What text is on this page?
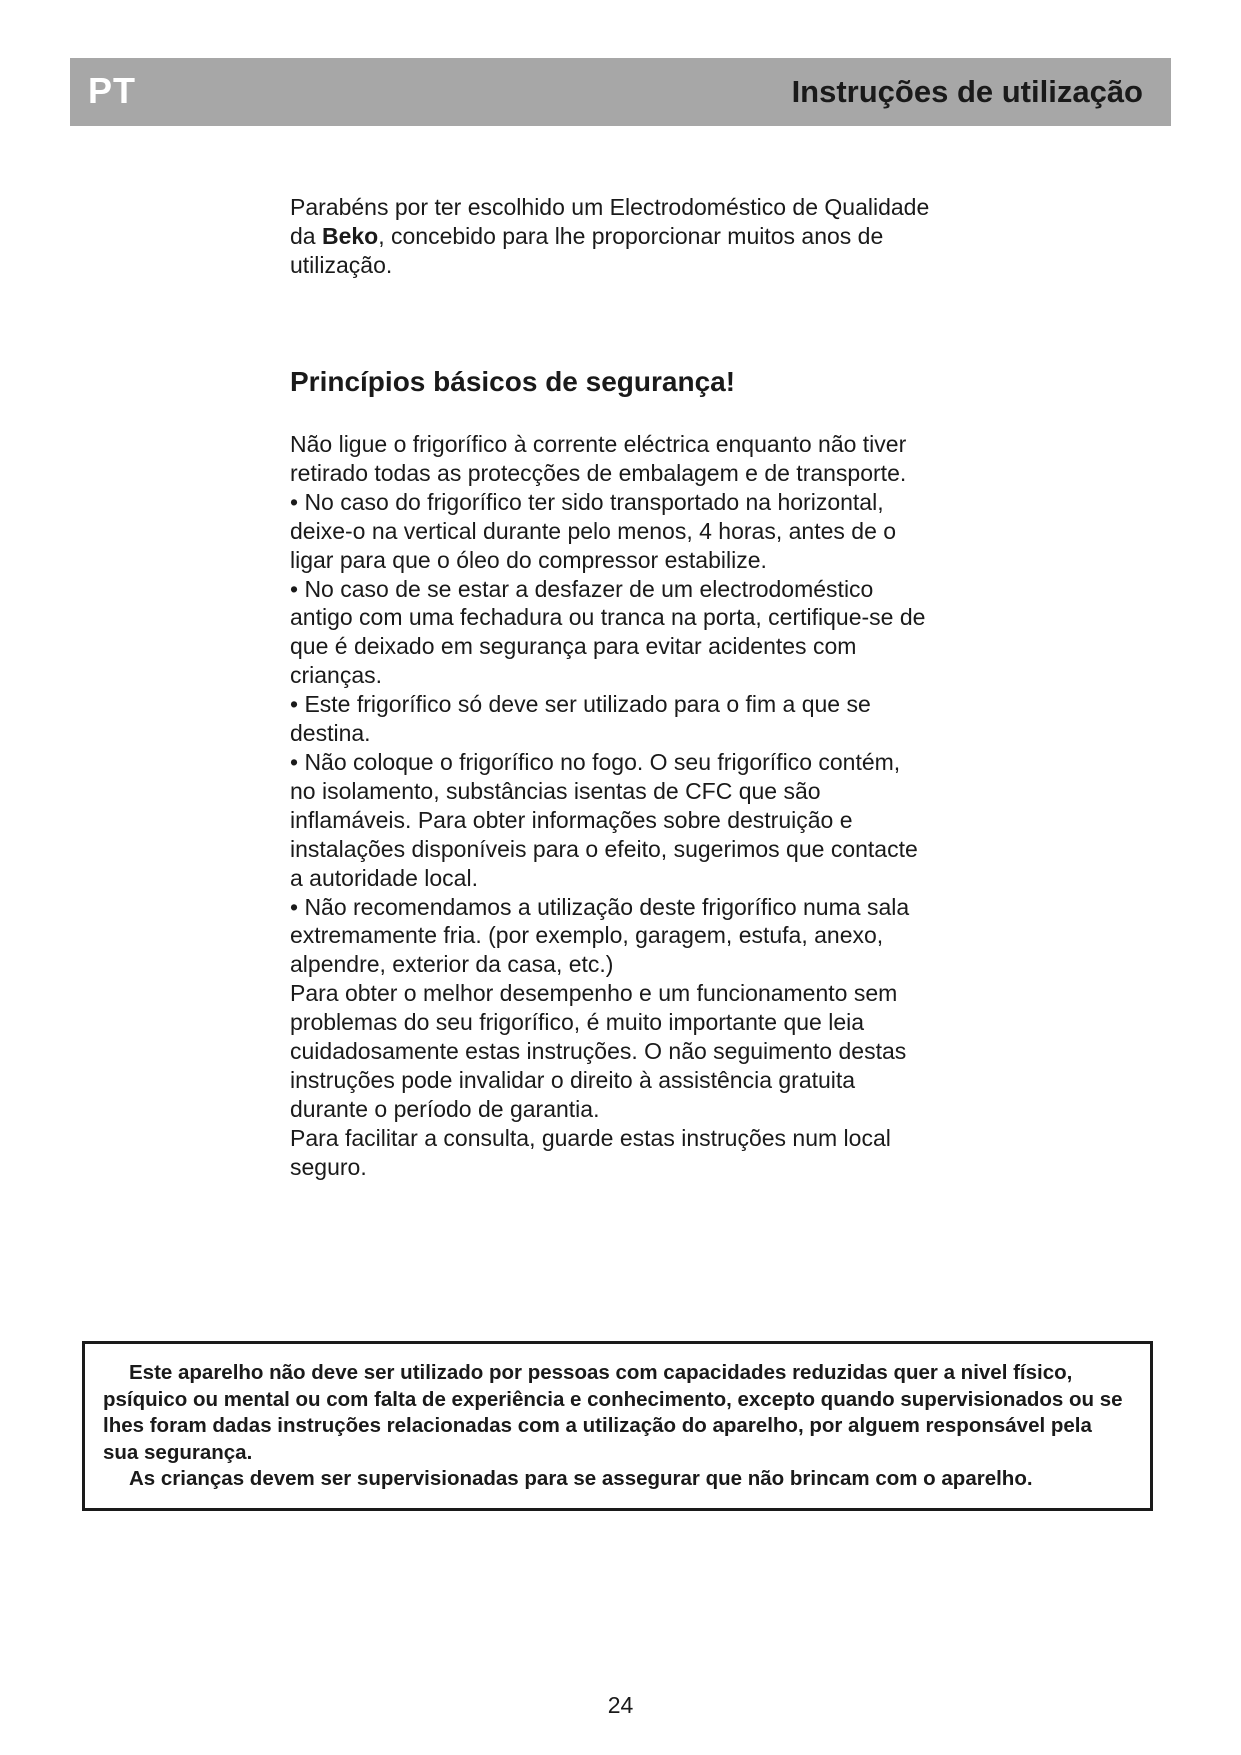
PT	Instruções de utilização

Parabéns por ter escolhido um Electrodoméstico de Qualidade da Beko, concebido para lhe proporcionar muitos anos de utilização.

Princípios básicos de segurança!

Não ligue o frigorífico à corrente eléctrica enquanto não tiver retirado todas as protecções de embalagem e de transporte.

• No caso do frigorífico ter sido transportado na horizontal, deixe-o na vertical durante pelo menos, 4 horas, antes de o ligar para que o óleo do compressor estabilize.

• No caso de se estar a desfazer de um electrodoméstico antigo com uma fechadura ou tranca na porta, certifique-se de que é deixado em segurança para evitar acidentes com crianças.

• Este frigorífico só deve ser utilizado para o fim a que se destina.

• Não coloque o frigorífico no fogo. O seu frigorífico contém, no isolamento, substâncias isentas de CFC que são inflamáveis. Para obter informações sobre destruição e instalações disponíveis para o efeito, sugerimos que contacte a autoridade local.

• Não recomendamos a utilização deste frigorífico numa sala extremamente fria. (por exemplo, garagem, estufa, anexo, alpendre, exterior da casa, etc.)

Para obter o melhor desempenho e um funcionamento sem problemas do seu frigorífico, é muito importante que leia cuidadosamente estas instruções. O não seguimento destas instruções pode invalidar o direito à assistência gratuita durante o período de garantia.

Para facilitar a consulta, guarde estas instruções num local seguro.

Este aparelho não deve ser utilizado por pessoas com capacidades reduzidas quer a nivel físico, psíquico ou mental ou com falta de experiência e conhecimento, excepto quando supervisionados ou se lhes foram dadas instruções relacionadas com a utilização do aparelho, por alguem responsável pela sua segurança.

As crianças devem ser supervisionadas para se assegurar que não brincam com o aparelho.

24
